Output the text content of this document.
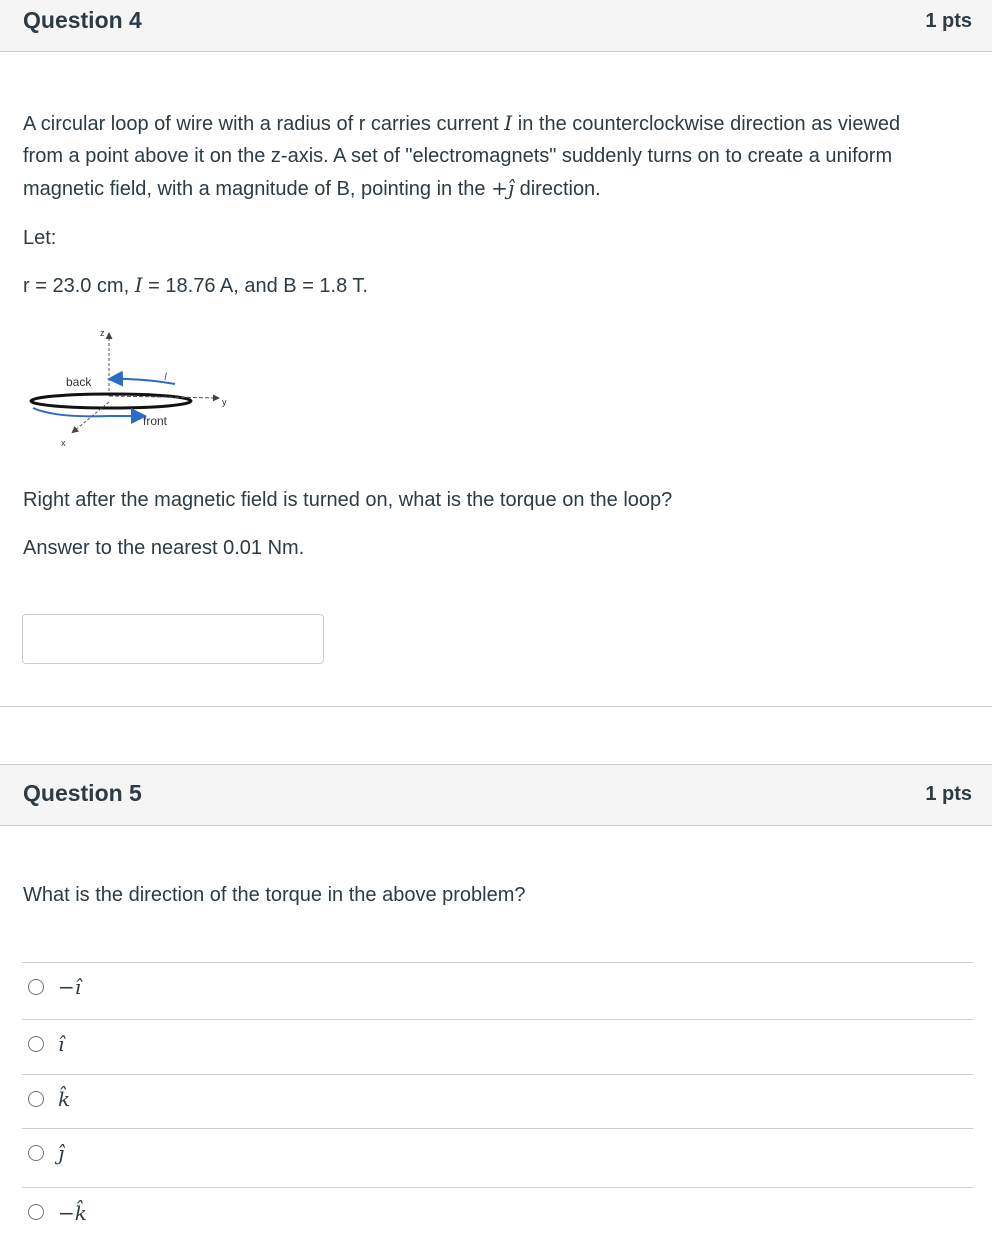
Question 4	1 pts

A circular loop of wire with a radius of r carries current I in the counterclockwise direction as viewed

from a point above it on the z-axis. A set of "electromagnets" suddenly turns on to create a uniform

magnetic field, with a magnitude of B, pointing in the +ĵ direction.

Let:
r = 23.0 cm, I = 18.76 A, and B = 1.8 T.
z
back	I
y
x
front
Right after the magnetic field is turned on, what is the torque on the loop?
Answer to the nearest 0.01 Nm.
Question 5	1 pts
What is the direction of the torque in the above problem?
−î
î
k̂
ĵ
−k̂
